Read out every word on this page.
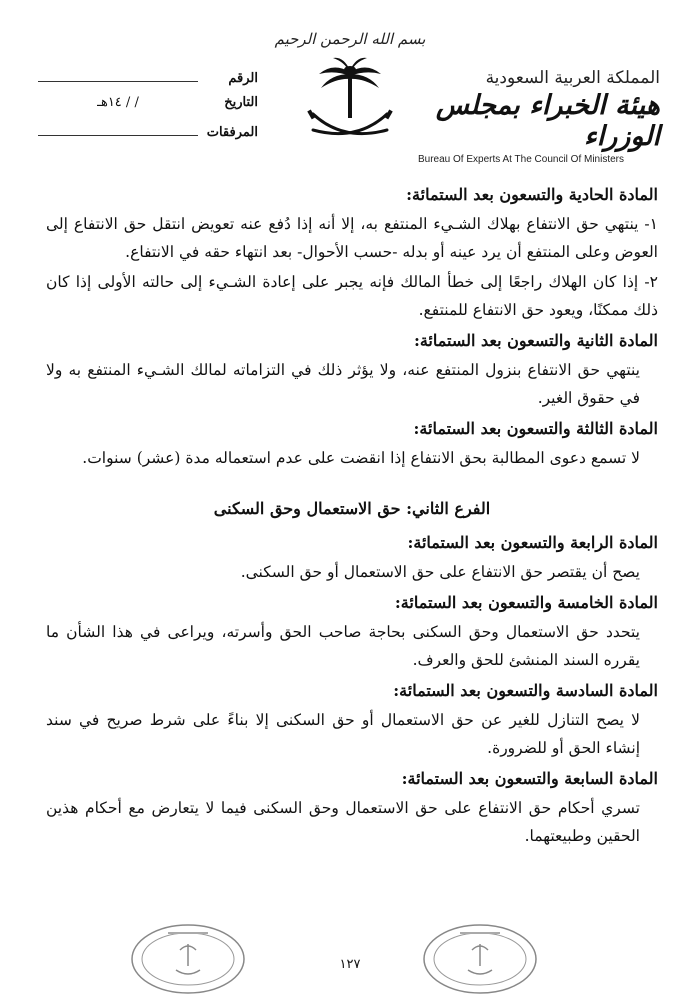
بسم الله الرحمن الرحيم
المملكة العربية السعودية
هيئة الخبراء بمجلس الوزراء
Bureau Of Experts At The Council Of Ministers
الرقم
التاريخ
/ / ١٤هـ
المرفقات
المادة الحادية والتسعون بعد الستمائة:

١- ينتهي حق الانتفاع بهلاك الشـيء المنتفع به، إلا أنه إذا دُفع عنه تعويض انتقل حق الانتفاع إلى العوض وعلى المنتفع أن يرد عينه أو بدله -حسب الأحوال- بعد انتهاء حقه في الانتفاع.

٢- إذا كان الهلاك راجعًا إلى خطأ المالك فإنه يجبر على إعادة الشـيء إلى حالته الأولى إذا كان ذلك ممكنًا، ويعود حق الانتفاع للمنتفع.

المادة الثانية والتسعون بعد الستمائة:

ينتهي حق الانتفاع بنزول المنتفع عنه، ولا يؤثر ذلك في التزاماته لمالك الشـيء المنتفع به ولا في حقوق الغير.

المادة الثالثة والتسعون بعد الستمائة:

لا تسمع دعوى المطالبة بحق الانتفاع إذا انقضت على عدم استعماله مدة (عشر) سنوات.

الفرع الثاني: حق الاستعمال وحق السكنى
المادة الرابعة والتسعون بعد الستمائة:

يصح أن يقتصر حق الانتفاع على حق الاستعمال أو حق السكنى.

المادة الخامسة والتسعون بعد الستمائة:

يتحدد حق الاستعمال وحق السكنى بحاجة صاحب الحق وأسرته، ويراعى في هذا الشأن ما يقرره السند المنشئ للحق والعرف.

المادة السادسة والتسعون بعد الستمائة:

لا يصح التنازل للغير عن حق الاستعمال أو حق السكنى إلا بناءً على شرط صريح في سند إنشاء الحق أو للضرورة.

المادة السابعة والتسعون بعد الستمائة:

تسري أحكام حق الانتفاع على حق الاستعمال وحق السكنى فيما لا يتعارض مع أحكام هذين الحقين وطبيعتهما.

١٢٧
